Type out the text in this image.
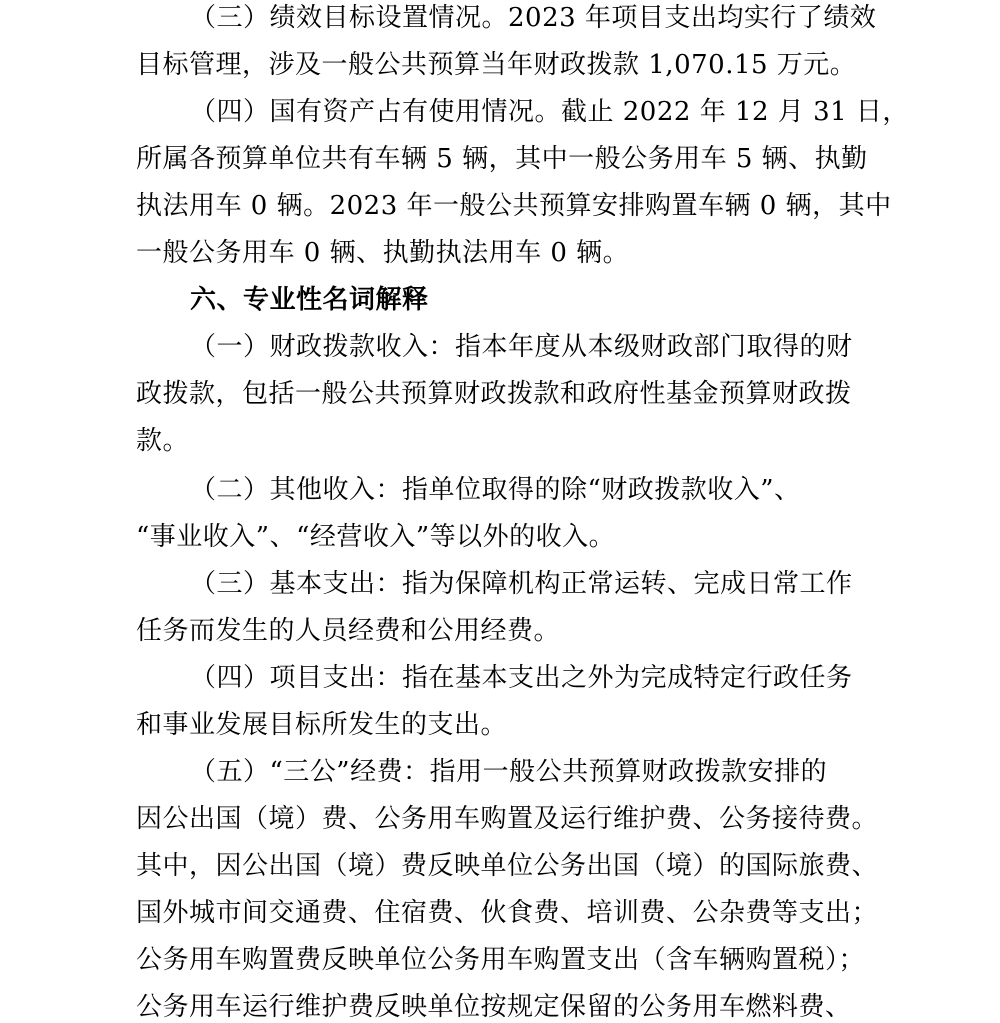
（三）绩效目标设置情况。2023 年项目支出均实行了绩效
目标管理，涉及一般公共预算当年财政拨款 1,070.15 万元。
（四）国有资产占有使用情况。截止 2022 年 12 月 31 日，
所属各预算单位共有车辆 5 辆，其中一般公务用车 5 辆、执勤
执法用车 0 辆。2023 年一般公共预算安排购置车辆 0 辆，其中
一般公务用车 0 辆、执勤执法用车 0 辆。
六、专业性名词解释
（一）财政拨款收入：指本年度从本级财政部门取得的财
政拨款，包括一般公共预算财政拨款和政府性基金预算财政拨
款。
（二）其他收入：指单位取得的除“财政拨款收入”、
“事业收入”、“经营收入”等以外的收入。
（三）基本支出：指为保障机构正常运转、完成日常工作
任务而发生的人员经费和公用经费。
（四）项目支出：指在基本支出之外为完成特定行政任务
和事业发展目标所发生的支出。
（五）“三公”经费：指用一般公共预算财政拨款安排的
因公出国（境）费、公务用车购置及运行维护费、公务接待费。
其中，因公出国（境）费反映单位公务出国（境）的国际旅费、
国外城市间交通费、住宿费、伙食费、培训费、公杂费等支出；
公务用车购置费反映单位公务用车购置支出（含车辆购置税）；
公务用车运行维护费反映单位按规定保留的公务用车燃料费、
